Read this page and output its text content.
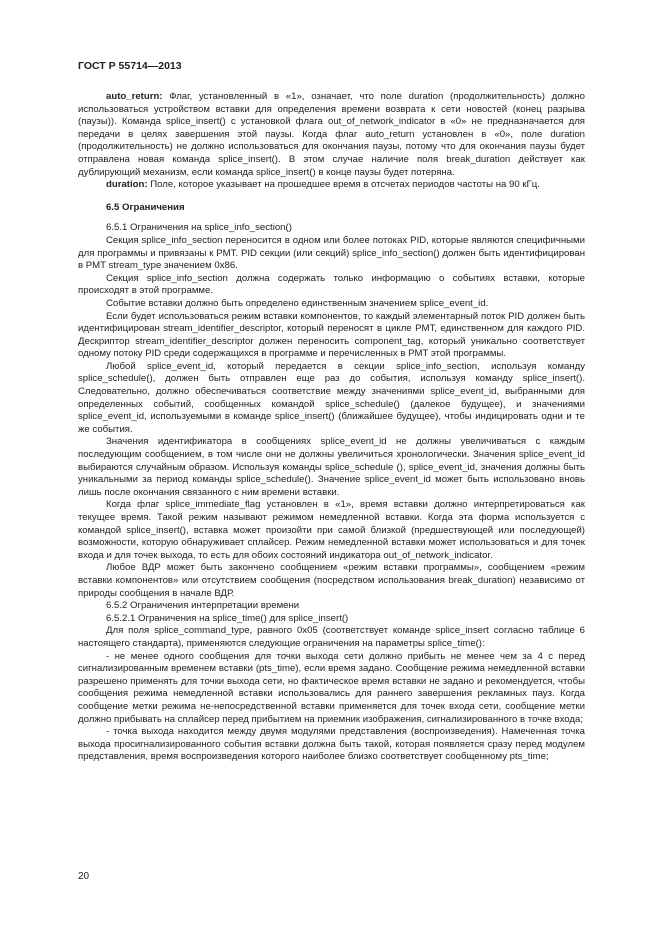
ГОСТ Р 55714—2013

auto_return: Флаг, установленный в «1», означает, что поле duration (продолжительность) должно использоваться устройством вставки для определения времени возврата к сети новостей (конец разрыва (паузы)). Команда splice_insert() с установкой флага out_of_network_indicator в «0» не предназначается для передачи в целях завершения этой паузы. Когда флаг auto_return установлен в «0», поле duration (продолжительность) не должно использоваться для окончания паузы, потому что для окончания паузы будет отправлена новая команда splice_insert(). В этом случае наличие поля break_duration действует как дублирующий механизм, если команда splice_insert() в конце паузы будет потеряна.

duration: Поле, которое указывает на прошедшее время в отсчетах периодов частоты на 90 кГц.

6.5 Ограничения

6.5.1 Ограничения на splice_info_section()

Секция splice_info_section переносится в одном или более потоках PID, которые являются специфичными для программы и привязаны к PMT. PID секции (или секций) splice_info_section() должен быть идентифицирован в PMT stream_type значением 0x86.

Секция splice_info_section должна содержать только информацию о событиях вставки, которые происходят в этой программе.

Событие вставки должно быть определено единственным значением splice_event_id.

Если будет использоваться режим вставки компонентов, то каждый элементарный поток PID должен быть идентифицирован stream_identifier_descriptor, который переносят в цикле PMT, единственном для каждого PID. Дескриптор stream_identifier_descriptor должен переносить component_tag, который уникально соответствует одному потоку PID среди содержащихся в программе и перечисленных в PMT этой программы.

Любой splice_event_id, который передается в секции splice_info_section, используя команду splice_schedule(), должен быть отправлен еще раз до события, используя команду splice_insert(). Следовательно, должно обеспечиваться соответствие между значениями splice_event_id, выбранными для определенных событий, сообщенных командой splice_schedule() (далекое будущее), и значениями splice_event_id, используемыми в команде splice_insert() (ближайшее будущее), чтобы индицировать одни и те же события.

Значения идентификатора в сообщениях splice_event_id не должны увеличиваться с каждым последующим сообщением, в том числе они не должны увеличиться хронологически. Значения splice_event_id выбираются случайным образом. Используя команды splice_schedule (), splice_event_id, значения должны быть уникальными за период команды splice_schedule(). Значение splice_event_id может быть использовано вновь лишь после окончания связанного с ним времени вставки.

Когда флаг splice_immediate_flag установлен в «1», время вставки должно интерпретироваться как текущее время. Такой режим называют режимом немедленной вставки. Когда эта форма используется с командой splice_insert(), вставка может произойти при самой близкой (предшествующей или последующей) возможности, которую обнаруживает сплайсер. Режим немедленной вставки может использоваться и для точек входа и для точек выхода, то есть для обоих состояний индикатора out_of_network_indicator.

Любое ВДР может быть закончено сообщением «режим вставки программы», сообщением «режим вставки компонентов» или отсутствием сообщения (посредством использования break_duration) независимо от природы сообщения в начале ВДР.

6.5.2 Ограничения интерпретации времени

6.5.2.1 Ограничения на splice_time() для splice_insert()

Для поля splice_command_type, равного 0x05 (соответствует команде splice_insert согласно таблице 6 настоящего стандарта), применяются следующие ограничения на параметры splice_time():

- не менее одного сообщения для точки выхода сети должно прибыть не менее чем за 4 с перед сигнализированным временем вставки (pts_time), если время задано. Сообщение режима немедленной вставки разрешено применять для точки выхода сети, но фактическое время вставки не задано и рекомендуется, чтобы сообщения режима немедленной вставки использовались для раннего завершения рекламных пауз. Когда сообщение метки режима не-непосредственной вставки применяется для точек входа сети, сообщение метки должно прибывать на сплайсер перед прибытием на приемник изображения, сигнализированного в точке входа;

- точка выхода находится между двумя модулями представления (воспроизведения). Намеченная точка выхода просигнализированного события вставки должна быть такой, которая появляется сразу перед модулем представления, время воспроизведения которого наиболее близко соответствует сообщенному pts_time;

20
